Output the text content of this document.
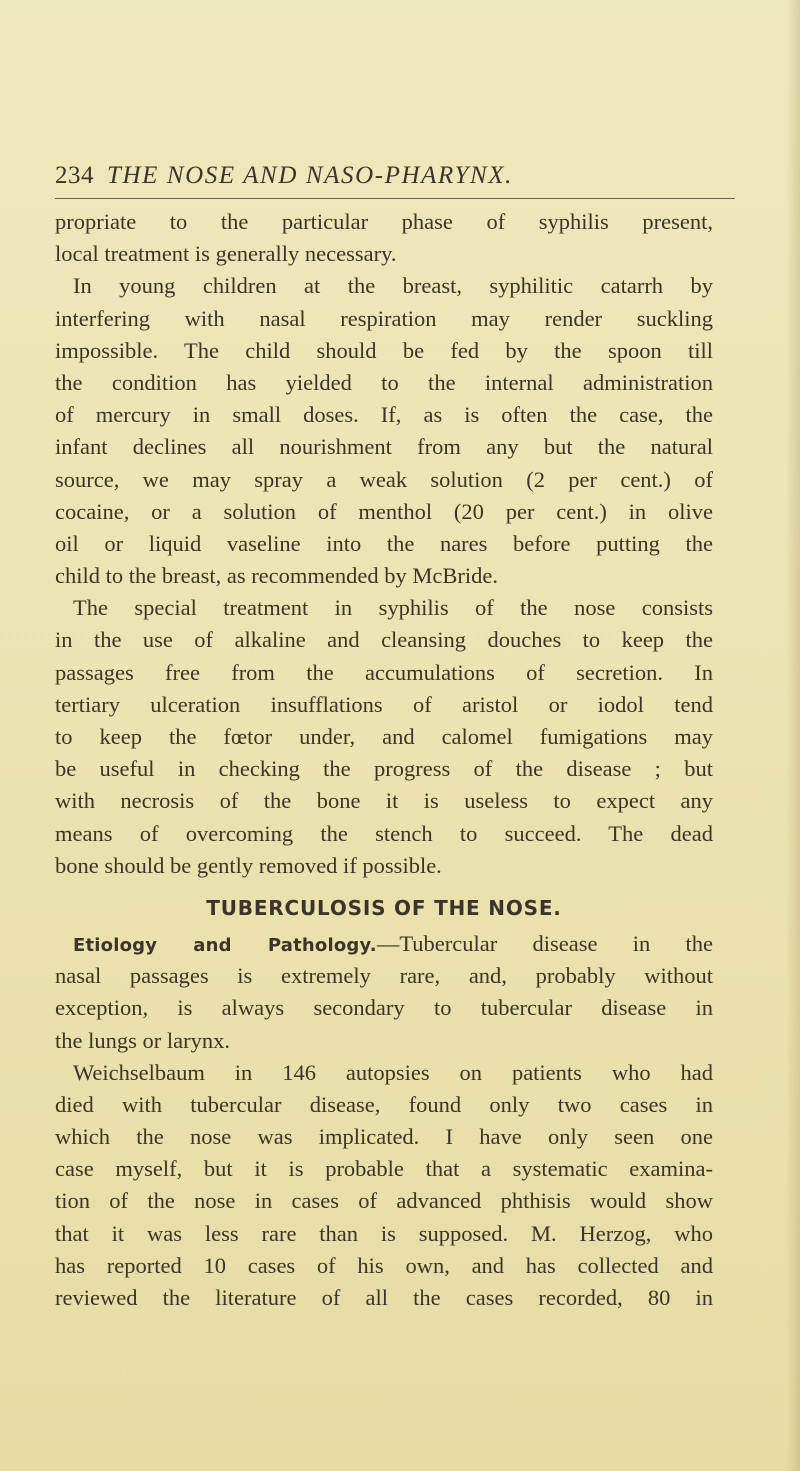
234 THE NOSE AND NASO-PHARYNX.
propriate to the particular phase of syphilis present,
local treatment is generally necessary.
In young children at the breast, syphilitic catarrh by
interfering with nasal respiration may render suckling
impossible. The child should be fed by the spoon till
the condition has yielded to the internal administration
of mercury in small doses. If, as is often the case, the
infant declines all nourishment from any but the natural
source, we may spray a weak solution (2 per cent.) of
cocaine, or a solution of menthol (20 per cent.) in olive
oil or liquid vaseline into the nares before putting the
child to the breast, as recommended by McBride.
The special treatment in syphilis of the nose consists
in the use of alkaline and cleansing douches to keep the
passages free from the accumulations of secretion. In
tertiary ulceration insufflations of aristol or iodol tend
to keep the fœtor under, and calomel fumigations may
be useful in checking the progress of the disease ; but
with necrosis of the bone it is useless to expect any
means of overcoming the stench to succeed. The dead
bone should be gently removed if possible.
TUBERCULOSIS OF THE NOSE.
Etiology and Pathology.—Tubercular disease in the
nasal passages is extremely rare, and, probably without
exception, is always secondary to tubercular disease in
the lungs or larynx.
Weichselbaum in 146 autopsies on patients who had
died with tubercular disease, found only two cases in
which the nose was implicated. I have only seen one
case myself, but it is probable that a systematic examina-
tion of the nose in cases of advanced phthisis would show
that it was less rare than is supposed. M. Herzog, who
has reported 10 cases of his own, and has collected and
reviewed the literature of all the cases recorded, 80 in
